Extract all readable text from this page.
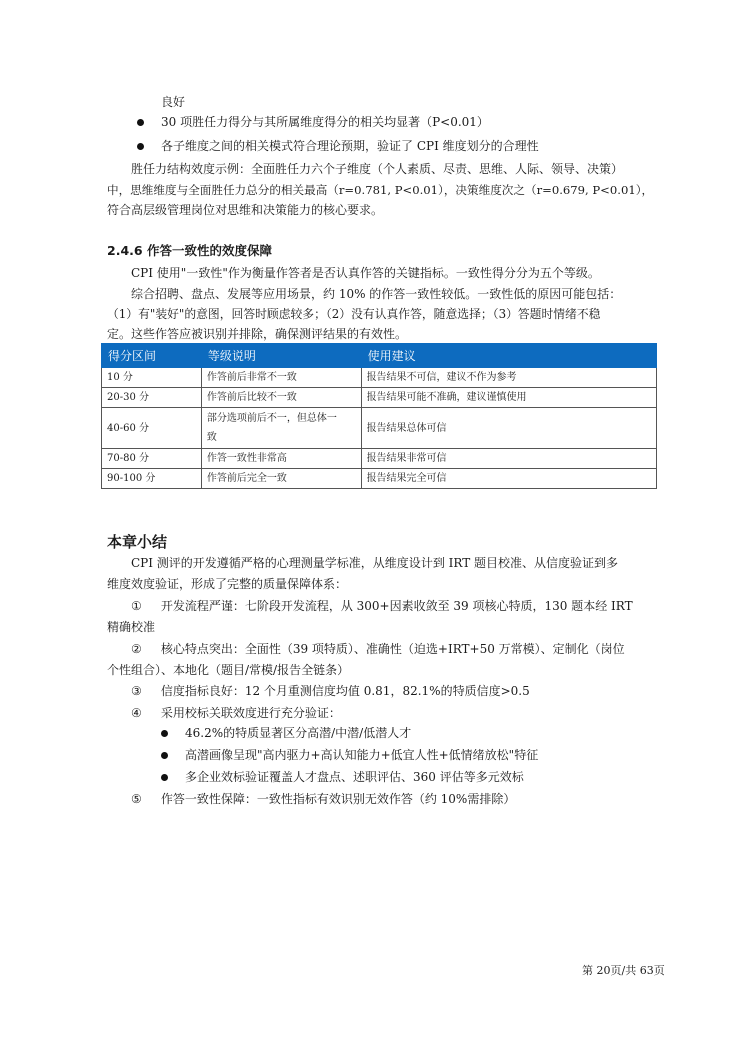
良好
30 项胜任力得分与其所属维度得分的相关均显著（P<0.01）
各子维度之间的相关模式符合理论预期，验证了 CPI 维度划分的合理性
胜任力结构效度示例：全面胜任力六个子维度（个人素质、尽责、思维、人际、领导、决策）
中，思维维度与全面胜任力总分的相关最高（r=0.781, P<0.01），决策维度次之（r=0.679, P<0.01），
符合高层级管理岗位对思维和决策能力的核心要求。
2.4.6 作答一致性的效度保障
CPI 使用"一致性"作为衡量作答者是否认真作答的关键指标。一致性得分分为五个等级。
综合招聘、盘点、发展等应用场景，约 10% 的作答一致性较低。一致性低的原因可能包括：
（1）有"装好"的意图，回答时顾虑较多；（2）没有认真作答，随意选择；（3）答题时情绪不稳
定。这些作答应被识别并排除，确保测评结果的有效性。
得分区间	等级说明	使用建议
10 分	作答前后非常不一致	报告结果不可信，建议不作为参考
20-30 分	作答前后比较不一致	报告结果可能不准确，建议谨慎使用
40-60 分	部分选项前后不一，但总体一
致	报告结果总体可信
70-80 分	作答一致性非常高	报告结果非常可信
90-100 分	作答前后完全一致	报告结果完全可信
本章小结
CPI 测评的开发遵循严格的心理测量学标准，从维度设计到 IRT 题目校准、从信度验证到多
维度效度验证，形成了完整的质量保障体系：
① 开发流程严谨：七阶段开发流程，从 300+因素收敛至 39 项核心特质，130 题本经 IRT
精确校准
② 核心特点突出：全面性（39 项特质）、准确性（迫选+IRT+50 万常模）、定制化（岗位
个性组合）、本地化（题目/常模/报告全链条）
③ 信度指标良好：12 个月重测信度均值 0.81，82.1%的特质信度>0.5
④ 采用校标关联效度进行充分验证：
46.2%的特质显著区分高潜/中潜/低潜人才
高潜画像呈现"高内驱力+高认知能力+低宜人性+低情绪放松"特征
多企业效标验证覆盖人才盘点、述职评估、360 评估等多元效标
⑤ 作答一致性保障：一致性指标有效识别无效作答（约 10%需排除）
第 20页/共 63页
